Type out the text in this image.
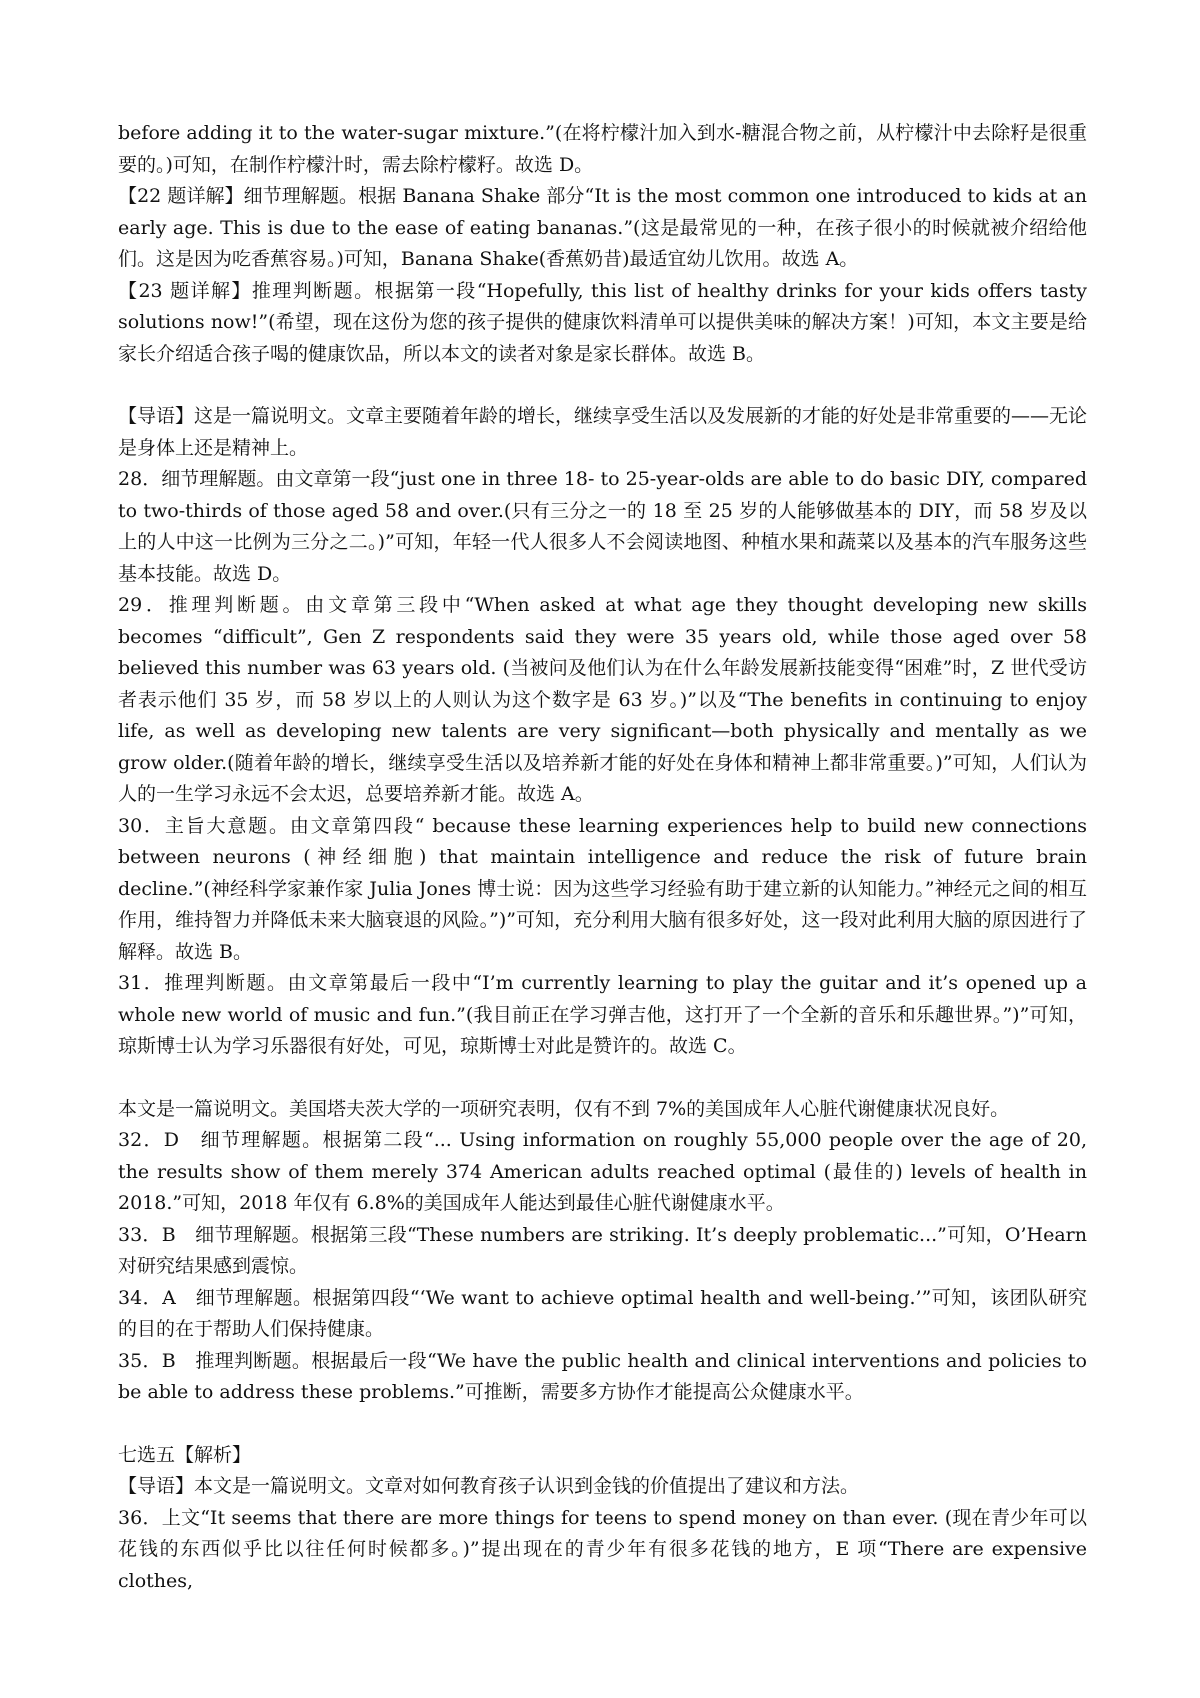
before adding it to the water-sugar mixture.”(在将柠檬汁加入到水-糖混合物之前，从柠檬汁中去除籽是很重要的。)可知，在制作柠檬汁时，需去除柠檬籽。故选 D。

【22 题详解】细节理解题。根据 Banana Shake 部分“It is the most common one introduced to kids at an early age. This is due to the ease of eating bananas.”(这是最常见的一种，在孩子很小的时候就被介绍给他们。这是因为吃香蕉容易。)可知，Banana Shake(香蕉奶昔)最适宜幼儿饮用。故选 A。

【23 题详解】推理判断题。根据第一段“Hopefully, this list of healthy drinks for your kids offers tasty solutions now!”(希望，现在这份为您的孩子提供的健康饮料清单可以提供美味的解决方案！)可知，本文主要是给家长介绍适合孩子喝的健康饮品，所以本文的读者对象是家长群体。故选 B。

【导语】这是一篇说明文。文章主要随着年龄的增长，继续享受生活以及发展新的才能的好处是非常重要的——无论是身体上还是精神上。

28．细节理解题。由文章第一段“just one in three 18- to 25-year-olds are able to do basic DIY, compared to two-thirds of those aged 58 and over.(只有三分之一的 18 至 25 岁的人能够做基本的 DIY，而 58 岁及以上的人中这一比例为三分之二。)”可知，年轻一代人很多人不会阅读地图、种植水果和蔬菜以及基本的汽车服务这些基本技能。故选 D。

29．推理判断题。由文章第三段中“When asked at what age they thought developing new skills becomes “difficult”, Gen Z respondents said they were 35 years old, while those aged over 58 believed this number was 63 years old. (当被问及他们认为在什么年龄发展新技能变得“困难”时，Z 世代受访者表示他们 35 岁，而 58 岁以上的人则认为这个数字是 63 岁。)”以及“The benefits in continuing to enjoy life, as well as developing new talents are very significant—both physically and mentally as we grow older.(随着年龄的增长，继续享受生活以及培养新才能的好处在身体和精神上都非常重要。)”可知，人们认为人的一生学习永远不会太迟，总要培养新才能。故选 A。

30．主旨大意题。由文章第四段“ because these learning experiences help to build new connections between neurons (神经细胞) that maintain intelligence and reduce the risk of future brain decline.”(神经科学家兼作家 Julia Jones 博士说：因为这些学习经验有助于建立新的认知能力。”神经元之间的相互作用，维持智力并降低未来大脑衰退的风险。”)”可知，充分利用大脑有很多好处，这一段对此利用大脑的原因进行了解释。故选 B。

31．推理判断题。由文章第最后一段中“I’m currently learning to play the guitar and it’s opened up a whole new world of music and fun.”(我目前正在学习弹吉他，这打开了一个全新的音乐和乐趣世界。”)”可知，琼斯博士认为学习乐器很有好处，可见，琼斯博士对此是赞许的。故选 C。

本文是一篇说明文。美国塔夫茨大学的一项研究表明，仅有不到 7%的美国成年人心脏代谢健康状况良好。

32．D　细节理解题。根据第二段“... Using information on roughly 55,000 people over the age of 20, the results show of them merely 374 American adults reached optimal (最佳的) levels of health in 2018.”可知，2018 年仅有 6.8%的美国成年人能达到最佳心脏代谢健康水平。

33．B　细节理解题。根据第三段“These numbers are striking. It’s deeply problematic...”可知，O’Hearn 对研究结果感到震惊。

34．A　细节理解题。根据第四段“‘We want to achieve optimal health and well-being.’”可知，该团队研究的目的在于帮助人们保持健康。

35．B　推理判断题。根据最后一段“We have the public health and clinical interventions and policies to be able to address these problems.”可推断，需要多方协作才能提高公众健康水平。

七选五【解析】

【导语】本文是一篇说明文。文章对如何教育孩子认识到金钱的价值提出了建议和方法。

36．上文“It seems that there are more things for teens to spend money on than ever. (现在青少年可以花钱的东西似乎比以往任何时候都多。)”提出现在的青少年有很多花钱的地方，E 项“There are expensive clothes,
